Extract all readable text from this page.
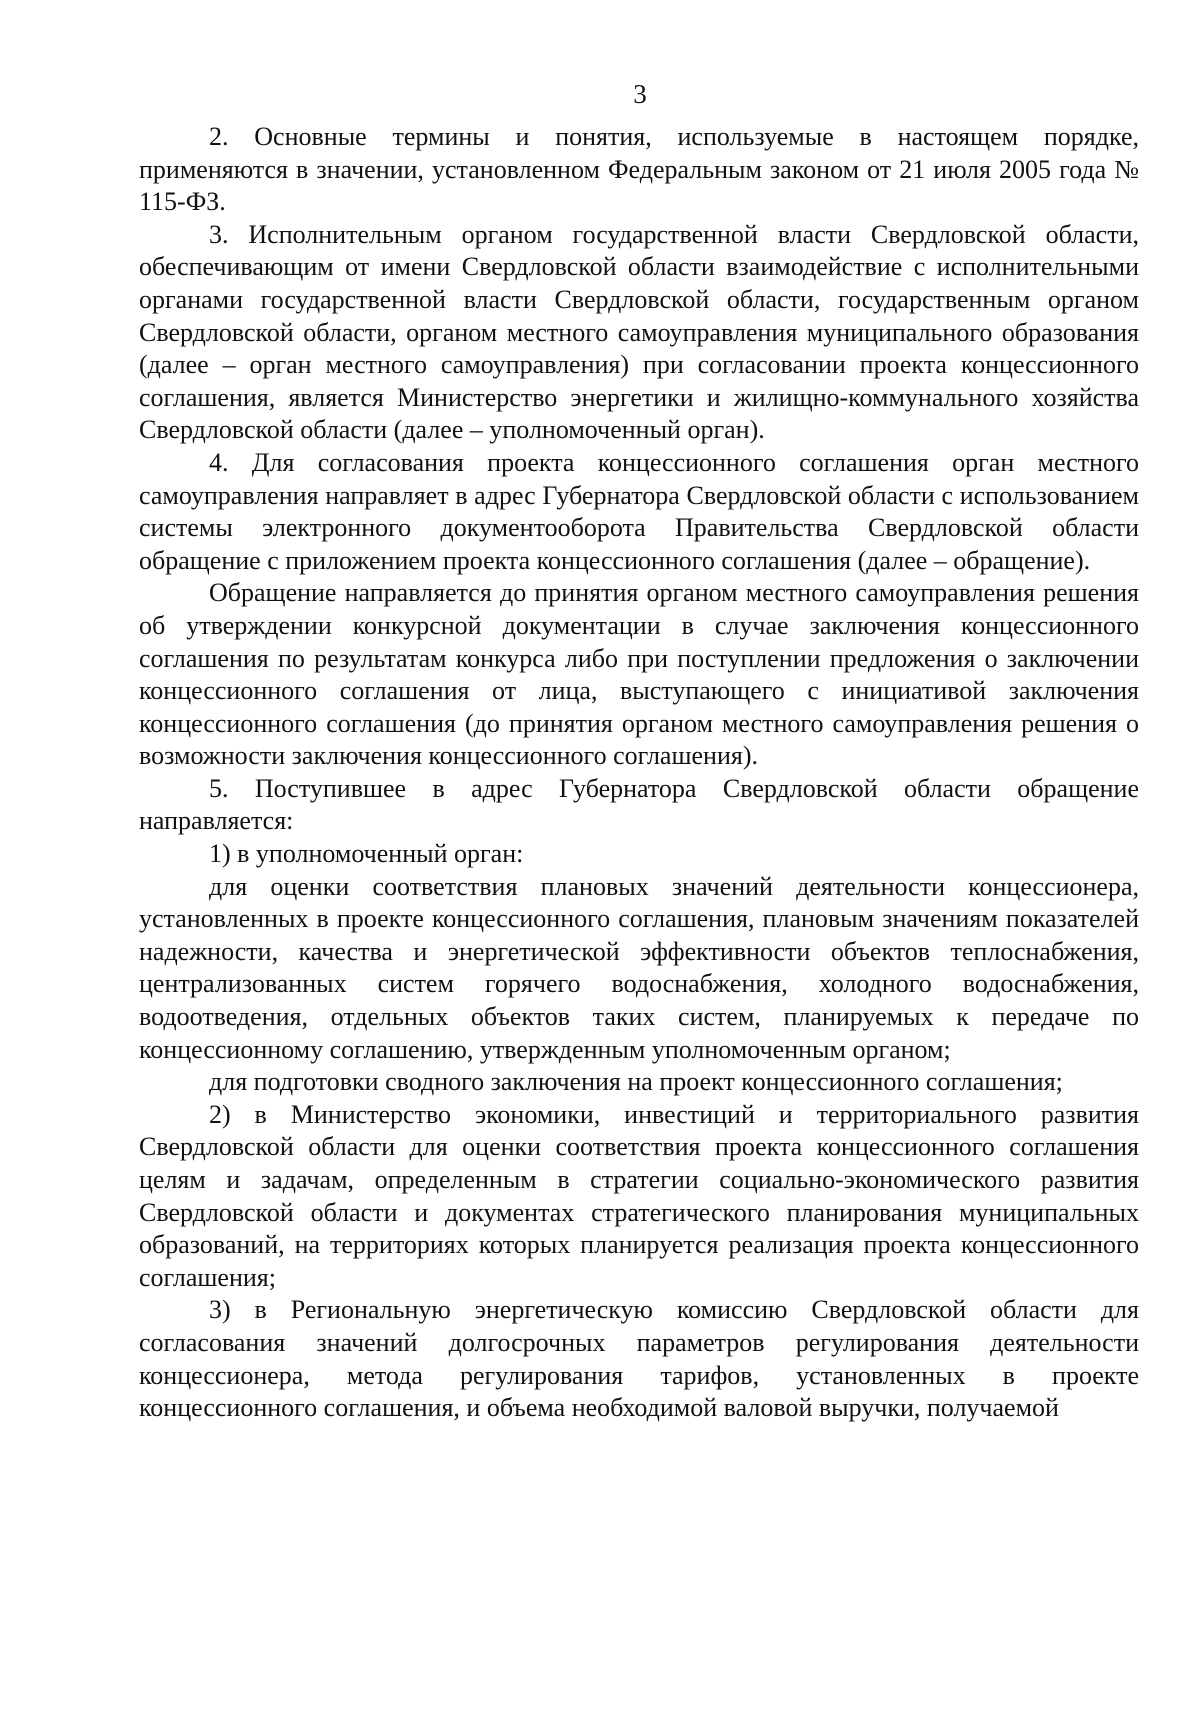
3

2. Основные термины и понятия, используемые в настоящем порядке, применяются в значении, установленном Федеральным законом от 21 июля 2005 года № 115-ФЗ.

3. Исполнительным органом государственной власти Свердловской области, обеспечивающим от имени Свердловской области взаимодействие с исполнительными органами государственной власти Свердловской области, государственным органом Свердловской области, органом местного самоуправления муниципального образования (далее – орган местного самоуправления) при согласовании проекта концессионного соглашения, является Министерство энергетики и жилищно-коммунального хозяйства Свердловской области (далее – уполномоченный орган).

4. Для согласования проекта концессионного соглашения орган местного самоуправления направляет в адрес Губернатора Свердловской области с использованием системы электронного документооборота Правительства Свердловской области обращение с приложением проекта концессионного соглашения (далее – обращение).

Обращение направляется до принятия органом местного самоуправления решения об утверждении конкурсной документации в случае заключения концессионного соглашения по результатам конкурса либо при поступлении предложения о заключении концессионного соглашения от лица, выступающего с инициативой заключения концессионного соглашения (до принятия органом местного самоуправления решения о возможности заключения концессионного соглашения).

5. Поступившее в адрес Губернатора Свердловской области обращение направляется:

1) в уполномоченный орган:

для оценки соответствия плановых значений деятельности концессионера, установленных в проекте концессионного соглашения, плановым значениям показателей надежности, качества и энергетической эффективности объектов теплоснабжения, централизованных систем горячего водоснабжения, холодного водоснабжения, водоотведения, отдельных объектов таких систем, планируемых к передаче по концессионному соглашению, утвержденным уполномоченным органом;

для подготовки сводного заключения на проект концессионного соглашения;

2) в Министерство экономики, инвестиций и территориального развития Свердловской области для оценки соответствия проекта концессионного соглашения целям и задачам, определенным в стратегии социально-экономического развития Свердловской области и документах стратегического планирования муниципальных образований, на территориях которых планируется реализация проекта концессионного соглашения;

3) в Региональную энергетическую комиссию Свердловской области для согласования значений долгосрочных параметров регулирования деятельности концессионера, метода регулирования тарифов, установленных в проекте концессионного соглашения, и объема необходимой валовой выручки, получаемой
